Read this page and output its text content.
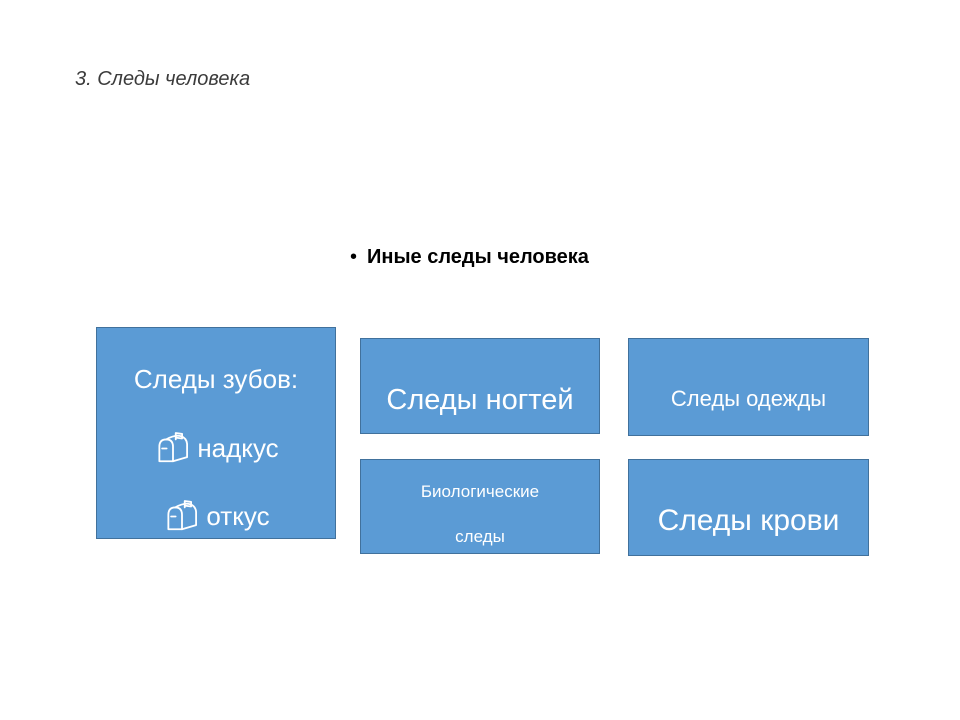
3. Следы человека
• Иные следы человека
Следы зубов:
надкус
откус
Следы ногтей	Следы одежды
Биологические
следы	Следы крови
